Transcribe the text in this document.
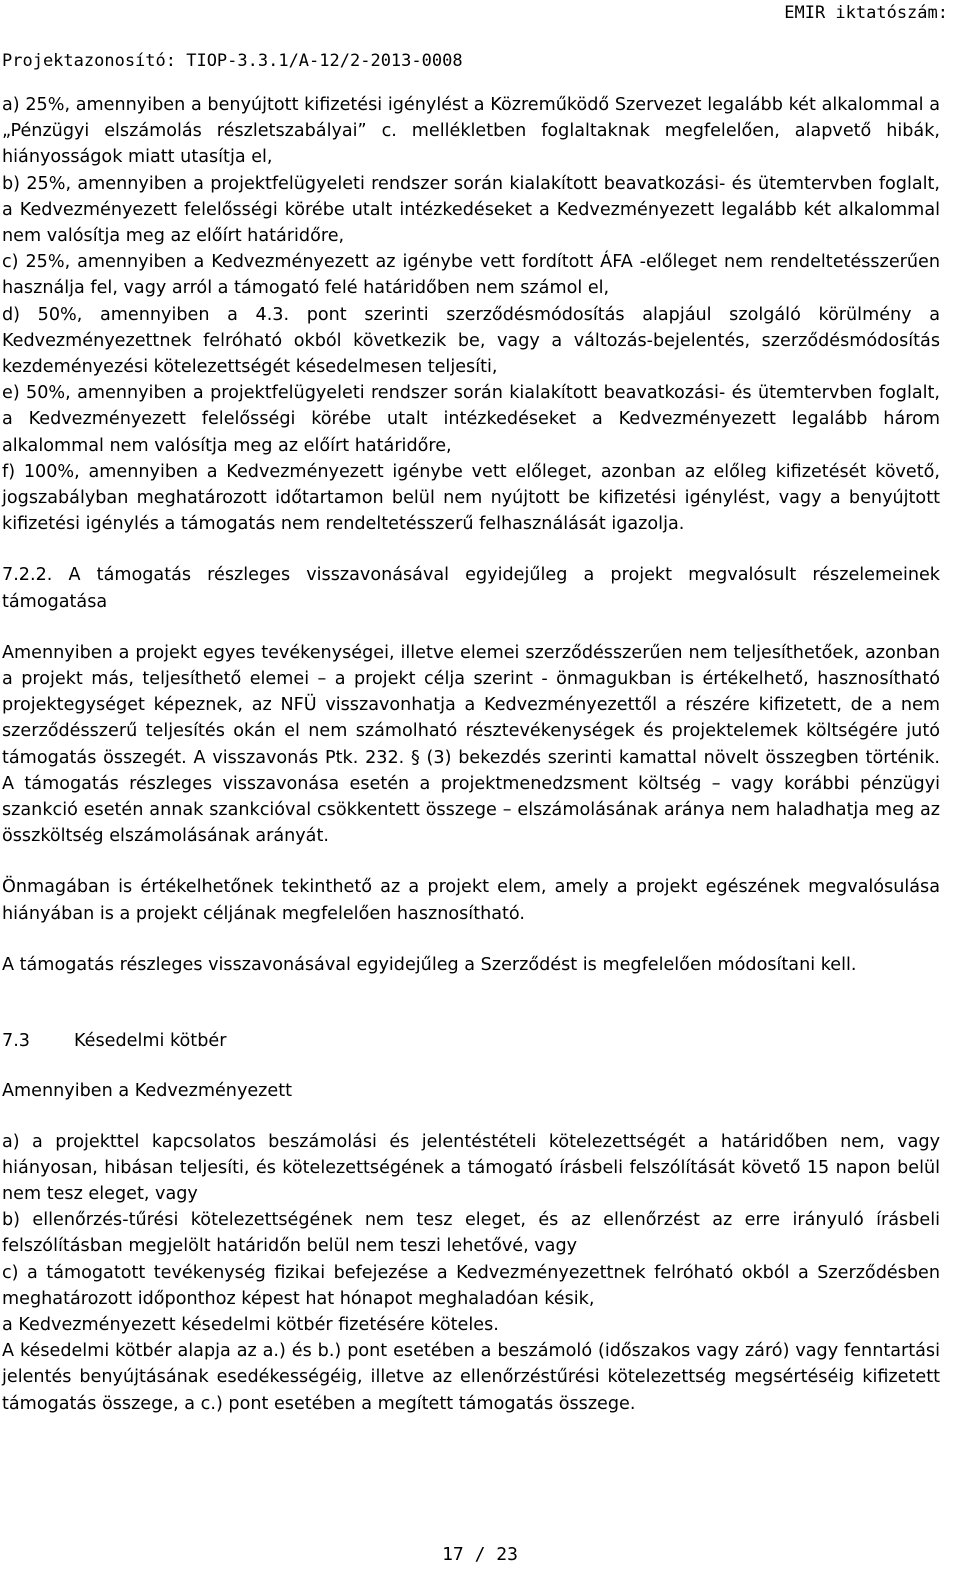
EMIR iktatószám:
Projektazonosító: TIOP-3.3.1/A-12/2-2013-0008

a) 25%, amennyiben a benyújtott kifizetési igénylést a Közreműködő Szervezet legalább két alkalommal a „Pénzügyi elszámolás részletszabályai” c. mellékletben foglaltaknak megfelelően, alapvető hibák, hiányosságok miatt utasítja el,

b) 25%, amennyiben a projektfelügyeleti rendszer során kialakított beavatkozási- és ütemtervben foglalt, a Kedvezményezett felelősségi körébe utalt intézkedéseket a Kedvezményezett legalább két alkalommal nem valósítja meg az előírt határidőre,

c) 25%, amennyiben a Kedvezményezett az igénybe vett fordított ÁFA -előleget nem rendeltetésszerűen használja fel, vagy arról a támogató felé határidőben nem számol el,

d) 50%, amennyiben a 4.3. pont szerinti szerződésmódosítás alapjául szolgáló körülmény a Kedvezményezettnek felróható okból következik be, vagy a változás-bejelentés, szerződésmódosítás kezdeményezési kötelezettségét késedelmesen teljesíti,

e) 50%, amennyiben a projektfelügyeleti rendszer során kialakított beavatkozási- és ütemtervben foglalt, a Kedvezményezett felelősségi körébe utalt intézkedéseket a Kedvezményezett legalább három alkalommal nem valósítja meg az előírt határidőre,

f) 100%, amennyiben a Kedvezményezett igénybe vett előleget, azonban az előleg kifizetését követő, jogszabályban meghatározott időtartamon belül nem nyújtott be kifizetési igénylést, vagy a benyújtott kifizetési igénylés a támogatás nem rendeltetésszerű felhasználását igazolja.

7.2.2. A támogatás részleges visszavonásával egyidejűleg a projekt megvalósult részelemeinek támogatása

Amennyiben a projekt egyes tevékenységei, illetve elemei szerződésszerűen nem teljesíthetőek, azonban a projekt más, teljesíthető elemei – a projekt célja szerint - önmagukban is értékelhető, hasznosítható projektegységet képeznek, az NFÜ visszavonhatja a Kedvezményezettől a részére kifizetett, de a nem szerződésszerű teljesítés okán el nem számolható résztevékenységek és projektelemek költségére jutó támogatás összegét. A visszavonás Ptk. 232. § (3) bekezdés szerinti kamattal növelt összegben történik. A támogatás részleges visszavonása esetén a projektmenedzsment költség – vagy korábbi pénzügyi szankció esetén annak szankcióval csökkentett összege – elszámolásának aránya nem haladhatja meg az összköltség elszámolásának arányát.

Önmagában is értékelhetőnek tekinthető az a projekt elem, amely a projekt egészének megvalósulása hiányában is a projekt céljának megfelelően hasznosítható.

A támogatás részleges visszavonásával egyidejűleg a Szerződést is megfelelően módosítani kell.

7.3	Késedelmi kötbér

Amennyiben a Kedvezményezett

a) a projekttel kapcsolatos beszámolási és jelentéstételi kötelezettségét a határidőben nem, vagy hiányosan, hibásan teljesíti, és kötelezettségének a támogató írásbeli felszólítását követő 15 napon belül nem tesz eleget, vagy

b) ellenőrzés-tűrési kötelezettségének nem tesz eleget, és az ellenőrzést az erre irányuló írásbeli felszólításban megjelölt határidőn belül nem teszi lehetővé, vagy

c) a támogatott tevékenység fizikai befejezése a Kedvezményezettnek felróható okból a Szerződésben meghatározott időponthoz képest hat hónapot meghaladóan késik,

a Kedvezményezett késedelmi kötbér fizetésére köteles.

A késedelmi kötbér alapja az a.) és b.) pont esetében a beszámoló (időszakos vagy záró) vagy fenntartási jelentés benyújtásának esedékességéig, illetve az ellenőrzéstűrési kötelezettség megsértéséig kifizetett támogatás összege, a c.) pont esetében a megített támogatás összege.

17 / 23
